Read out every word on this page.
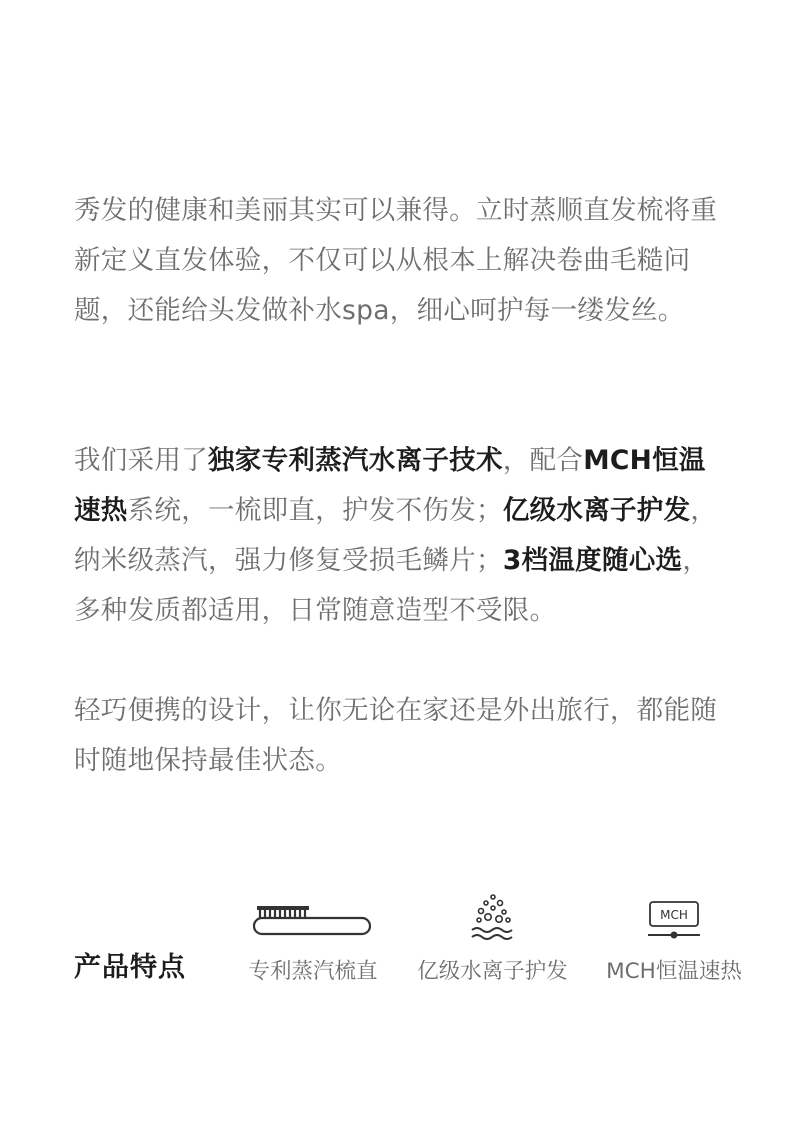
秀发的健康和美丽其实可以兼得。立时蒸顺直发梳将重新定义直发体验，不仅可以从根本上解决卷曲毛糙问题，还能给头发做补水spa，细心呵护每一缕发丝。

我们采用了独家专利蒸汽水离子技术，配合MCH恒温速热系统，一梳即直，护发不伤发；亿级水离子护发，纳米级蒸汽，强力修复受损毛鳞片；3档温度随心选，多种发质都适用，日常随意造型不受限。

轻巧便携的设计，让你无论在家还是外出旅行，都能随时随地保持最佳状态。

产品特点	专利蒸汽梳直	亿级水离子护发
MCH
MCH恒温速热
